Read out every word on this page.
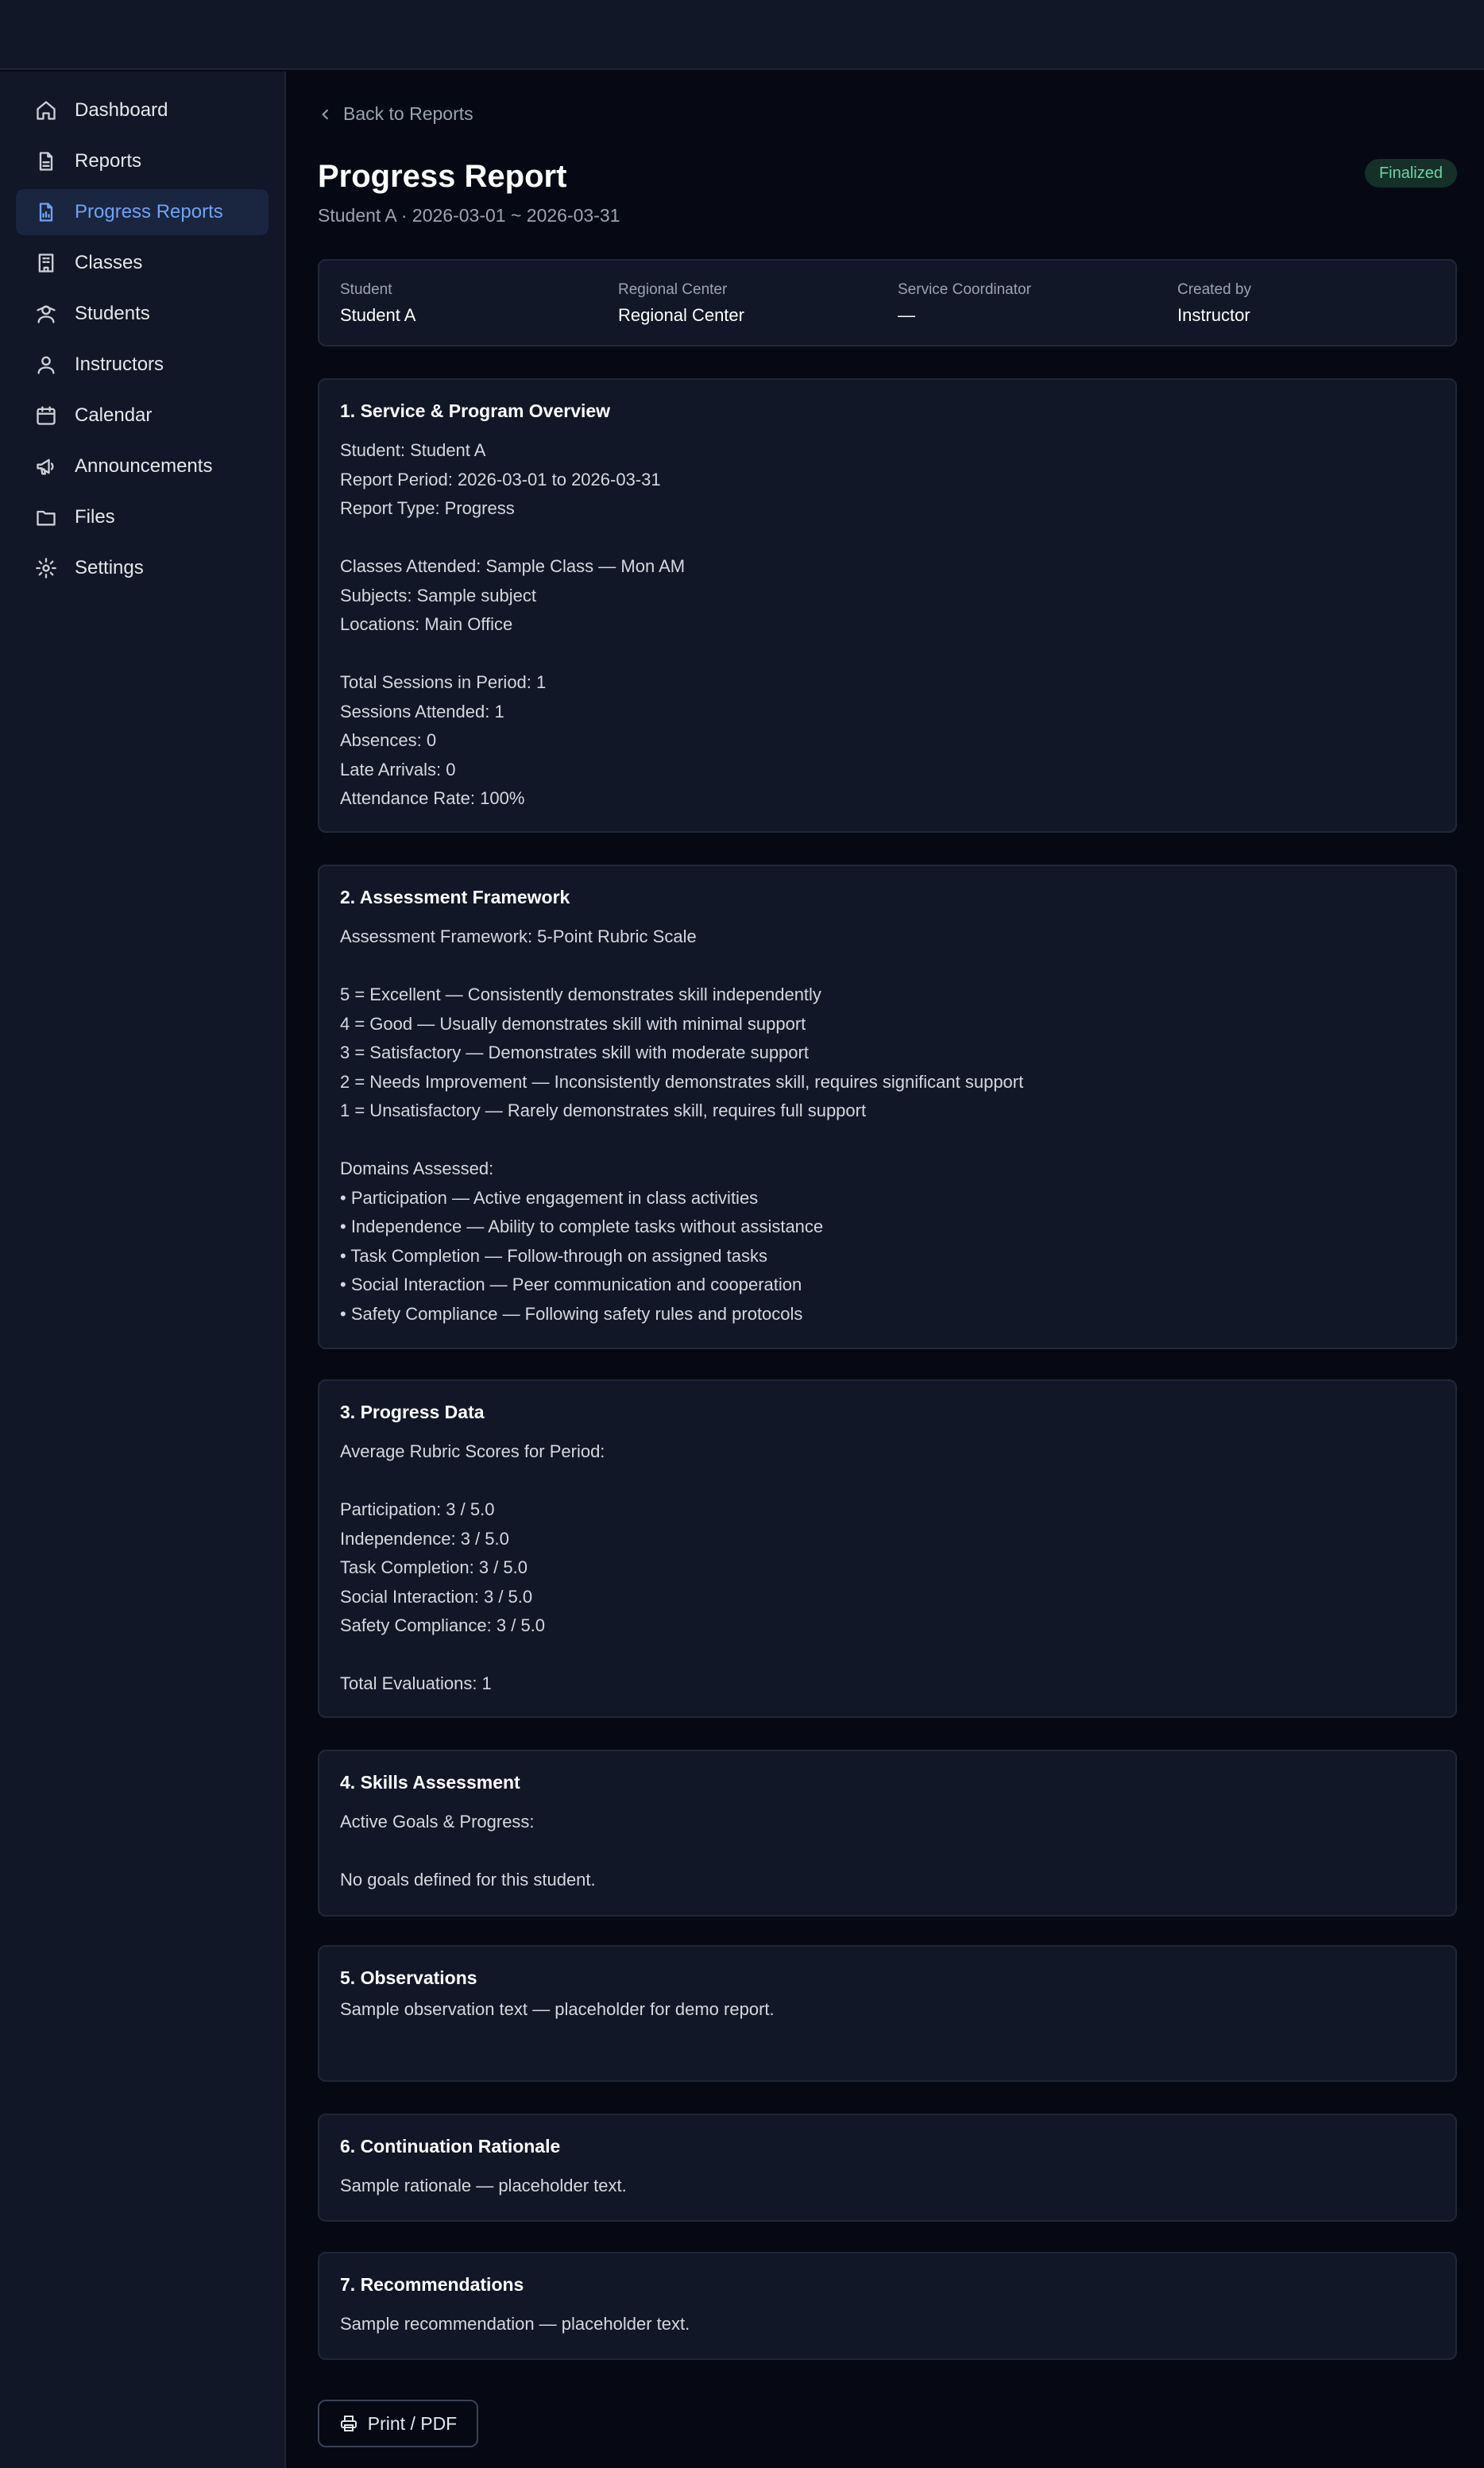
Dashboard
Reports
Progress Reports
Classes
Students
Instructors
Calendar
Announcements
Files
Settings
Back to Reports
Progress Report
Student A · 2026-03-01 ~ 2026-03-31
Finalized
Student
Student A
Regional Center
Regional Center
Service Coordinator
—
Created by
Instructor
1. Service & Program Overview
Student: Student A
Report Period: 2026-03-01 to 2026-03-31
Report Type: Progress
Classes Attended: Sample Class — Mon AM
Subjects: Sample subject
Locations: Main Office
Total Sessions in Period: 1
Sessions Attended: 1
Absences: 0
Late Arrivals: 0
Attendance Rate: 100%
2. Assessment Framework
Assessment Framework: 5-Point Rubric Scale
5 = Excellent — Consistently demonstrates skill independently
4 = Good — Usually demonstrates skill with minimal support
3 = Satisfactory — Demonstrates skill with moderate support
2 = Needs Improvement — Inconsistently demonstrates skill, requires significant support
1 = Unsatisfactory — Rarely demonstrates skill, requires full support
Domains Assessed:
• Participation — Active engagement in class activities
• Independence — Ability to complete tasks without assistance
• Task Completion — Follow-through on assigned tasks
• Social Interaction — Peer communication and cooperation
• Safety Compliance — Following safety rules and protocols
3. Progress Data
Average Rubric Scores for Period:
Participation: 3 / 5.0
Independence: 3 / 5.0
Task Completion: 3 / 5.0
Social Interaction: 3 / 5.0
Safety Compliance: 3 / 5.0
Total Evaluations: 1
4. Skills Assessment
Active Goals & Progress:
No goals defined for this student.
5. Observations
Sample observation text — placeholder for demo report.
6. Continuation Rationale
Sample rationale — placeholder text.
7. Recommendations
Sample recommendation — placeholder text.
Print / PDF
